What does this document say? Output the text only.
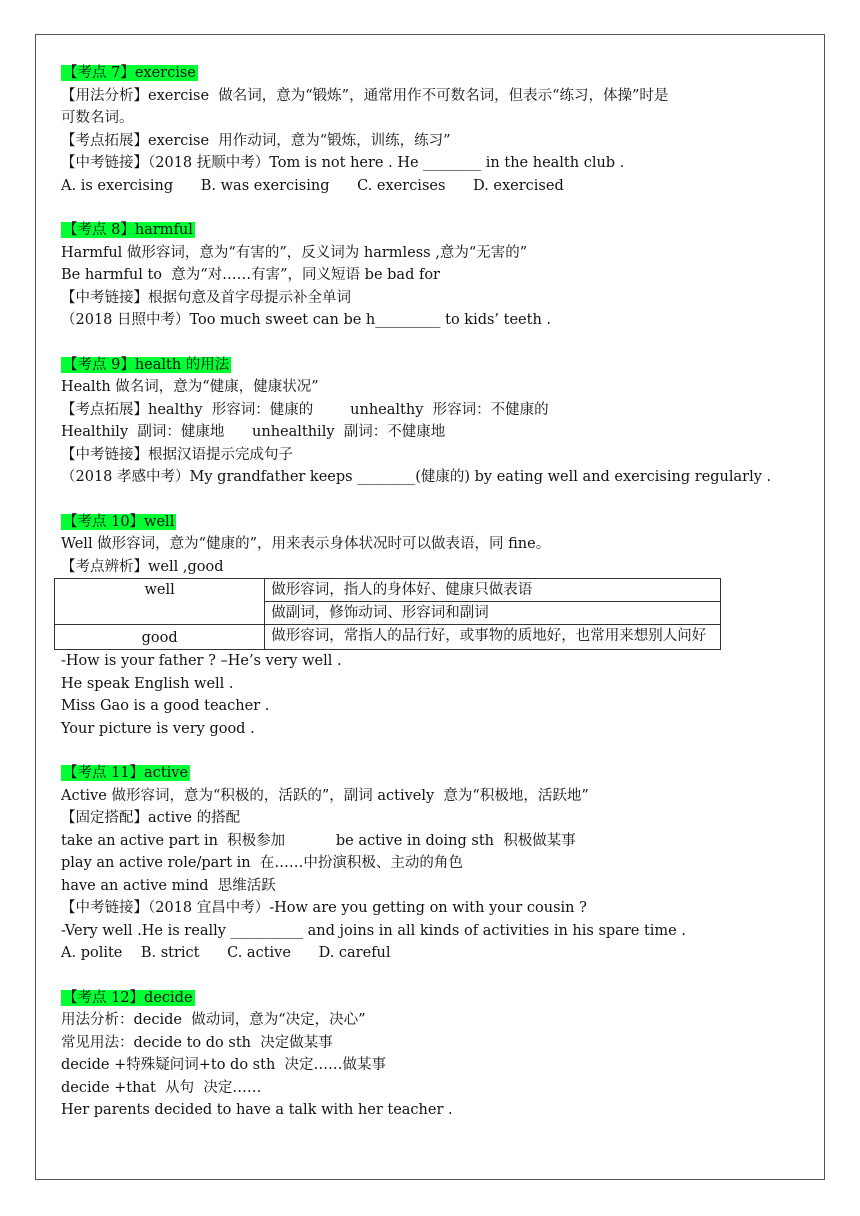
【考点 7】exercise

【用法分析】exercise  做名词，意为“锻炼”，通常用作不可数名词，但表示“练习，体操”时是

可数名词。

【考点拓展】exercise  用作动词，意为“锻炼，训练，练习”

【中考链接】（2018 抚顺中考）Tom is not here . He ________ in the health club .

A. is exercising      B. was exercising      C. exercises      D. exercised

【考点 8】harmful

Harmful 做形容词，意为“有害的”，反义词为 harmless ,意为“无害的”

Be harmful to  意为“对……有害”，同义短语 be bad for

【中考链接】根据句意及首字母提示补全单词

（2018 日照中考）Too much sweet can be h_________ to kids’ teeth .

【考点 9】health 的用法

Health 做名词，意为“健康，健康状况”

【考点拓展】healthy  形容词：健康的        unhealthy  形容词：不健康的

Healthily  副词：健康地      unhealthily  副词：不健康地

【中考链接】根据汉语提示完成句子

（2018 孝感中考）My grandfather keeps ________(健康的) by eating well and exercising regularly .

【考点 10】well

Well 做形容词，意为“健康的”，用来表示身体状况时可以做表语，同 fine。

【考点辨析】well ,good

well	做形容词，指人的身体好、健康只做表语
	做副词，修饰动词、形容词和副词
good	做形容词，常指人的品行好，或事物的质地好，也常用来想别人问好

-How is your father ? –He’s very well .

He speak English well .

Miss Gao is a good teacher .

Your picture is very good .

【考点 11】active

Active 做形容词，意为“积极的，活跃的”，副词 actively  意为“积极地，活跃地”

【固定搭配】active 的搭配

take an active part in  积极参加           be active in doing sth  积极做某事

play an active role/part in  在……中扮演积极、主动的角色

have an active mind  思维活跃

【中考链接】（2018 宜昌中考）-How are you getting on with your cousin ?

-Very well .He is really __________ and joins in all kinds of activities in his spare time .

A. polite    B. strict      C. active      D. careful

【考点 12】decide

用法分析：decide  做动词，意为“决定，决心”

常见用法：decide to do sth  决定做某事

decide +特殊疑问词+to do sth  决定……做某事

decide +that  从句  决定……

Her parents decided to have a talk with her teacher .
